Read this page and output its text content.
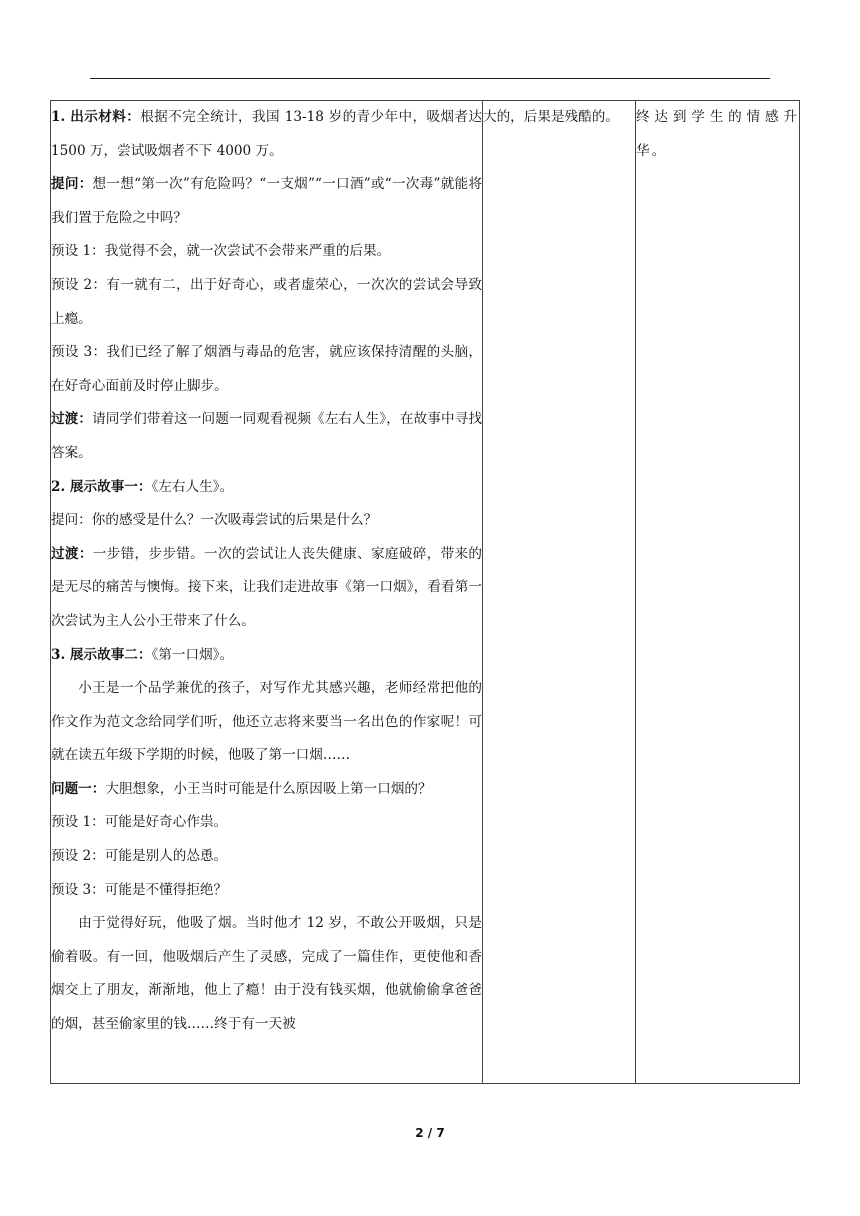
1. 出示材料：根据不完全统计，我国 13-18 岁的青少年中，吸烟者达 1500 万，尝试吸烟者不下 4000 万。

提问：想一想“第一次”有危险吗？“一支烟”“一口酒”或“一次毒”就能将我们置于危险之中吗？

预设 1：我觉得不会，就一次尝试不会带来严重的后果。

预设 2：有一就有二，出于好奇心，或者虚荣心，一次次的尝试会导致上瘾。

预设 3：我们已经了解了烟酒与毒品的危害，就应该保持清醒的头脑，在好奇心面前及时停止脚步。

过渡：请同学们带着这一问题一同观看视频《左右人生》，在故事中寻找答案。

2. 展示故事一：《左右人生》。

提问：你的感受是什么？一次吸毒尝试的后果是什么？

过渡：一步错，步步错。一次的尝试让人丧失健康、家庭破碎，带来的是无尽的痛苦与懊悔。接下来，让我们走进故事《第一口烟》，看看第一次尝试为主人公小王带来了什么。

3. 展示故事二：《第一口烟》。

小王是一个品学兼优的孩子，对写作尤其感兴趣，老师经常把他的作文作为范文念给同学们听，他还立志将来要当一名出色的作家呢！可就在读五年级下学期的时候，他吸了第一口烟……

问题一：大胆想象，小王当时可能是什么原因吸上第一口烟的？

预设 1：可能是好奇心作祟。

预设 2：可能是别人的怂恿。

预设 3：可能是不懂得拒绝？

由于觉得好玩，他吸了烟。当时他才 12 岁，不敢公开吸烟，只是偷着吸。有一回，他吸烟后产生了灵感，完成了一篇佳作，更使他和香烟交上了朋友，渐渐地，他上了瘾！由于没有钱买烟，他就偷偷拿爸爸的烟，甚至偷家里的钱……终于有一天被

大的，后果是残酷的。	终达到学生的情感升华。

2 / 7
